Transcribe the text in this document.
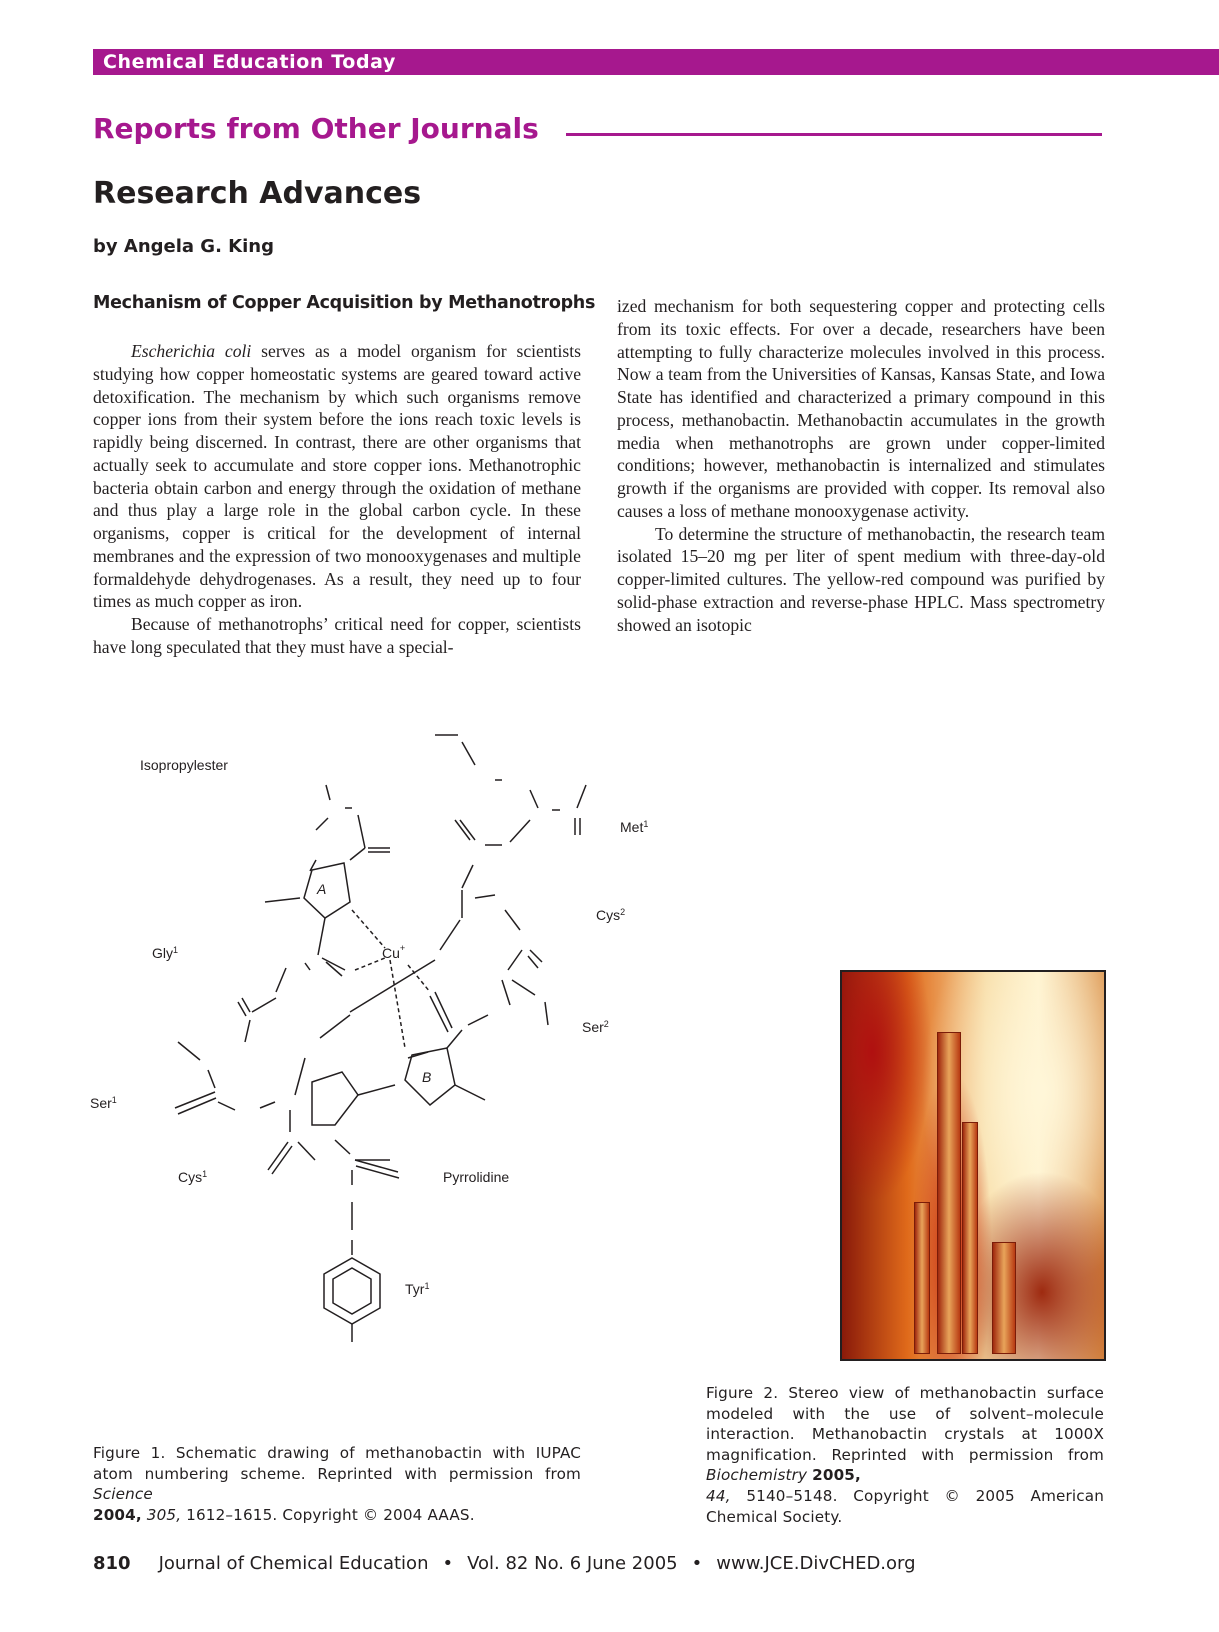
Chemical Education Today
Reports from Other Journals
Research Advances
by Angela G. King
Mechanism of Copper Acquisition by Methanotrophs

Escherichia coli serves as a model organism for scientists studying how copper homeostatic systems are geared toward active detoxification. The mechanism by which such organisms remove copper ions from their system before the ions reach toxic levels is rapidly being discerned. In contrast, there are other organisms that actually seek to accumulate and store copper ions. Methanotrophic bacteria obtain carbon and energy through the oxidation of methane and thus play a large role in the global carbon cycle. In these organisms, copper is critical for the development of internal membranes and the expression of two monooxygenases and multiple formaldehyde dehydrogenases. As a result, they need up to four times as much copper as iron.

Because of methanotrophs’ critical need for copper, scientists have long speculated that they must have a special-

ized mechanism for both sequestering copper and protecting cells from its toxic effects. For over a decade, researchers have been attempting to fully characterize molecules involved in this process. Now a team from the Universities of Kansas, Kansas State, and Iowa State has identified and characterized a primary compound in this process, methanobactin. Methanobactin accumulates in the growth media when methanotrophs are grown under copper-limited conditions; however, methanobactin is internalized and stimulates growth if the organisms are provided with copper. Its removal also causes a loss of methane monooxygenase activity.

To determine the structure of methanobactin, the research team isolated 15–20 mg per liter of spent medium with three-day-old copper-limited cultures. The yellow-red compound was purified by solid-phase extraction and reverse-phase HPLC. Mass spectrometry showed an isotopic

Isopropylester
Met$^1$
Cys$^2$
Gly$^1$
Ser$^2$
Ser$^1$
Cys$^1$	Pyrrolidine
Tyr$^1$
Cu+
A
B
Figure 1. Schematic drawing of methanobactin with IUPAC atom numbering scheme. Reprinted with permission from Science
2004, 305, 1612–1615. Copyright © 2004 AAAS.
Figure 2. Stereo view of methanobactin surface modeled with the use of solvent–molecule interaction. Methanobactin crystals at 1000X magnification. Reprinted with permission from Biochemistry 2005,
44, 5140–5148. Copyright © 2005 American Chemical Society.
810 Journal of Chemical Education • Vol. 82 No. 6 June 2005 • www.JCE.DivCHED.org
